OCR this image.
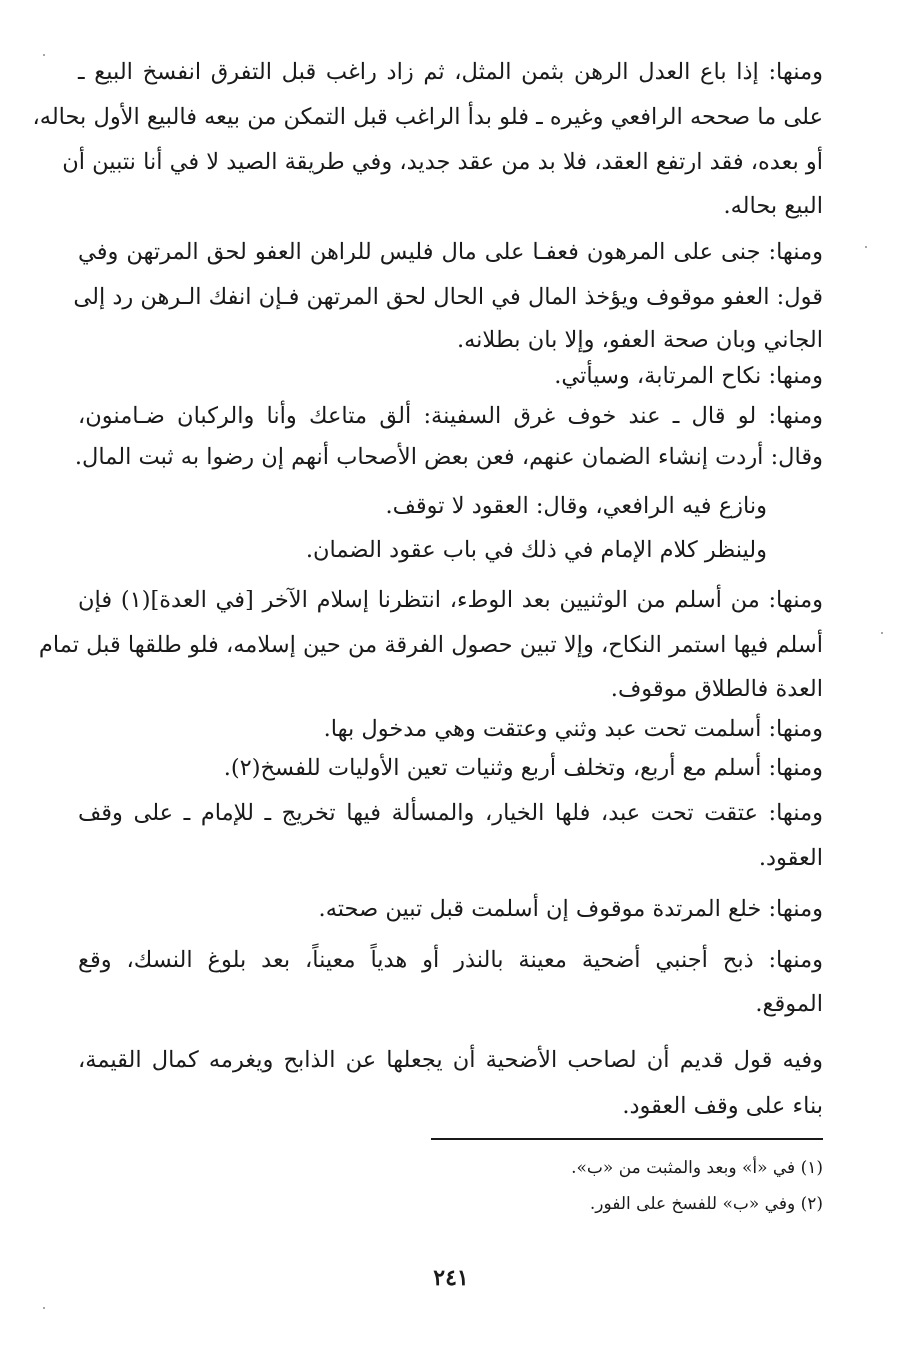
ومنها: إذا باع العدل الرهن بثمن المثل، ثم زاد راغب قبل التفرق انفسخ البيع ـ
على ما صححه الرافعي وغيره ـ فلو بدأ الراغب قبل التمكن من بيعه فالبيع الأول بحاله،
أو بعده، فقد ارتفع العقد، فلا بد من عقد جديد، وفي طريقة الصيد لا في أنا نتبين أن
البيع بحاله.
ومنها: جنى على المرهون فعفـا على مال فليس للراهن العفو لحق المرتهن وفي
قول: العفو موقوف ويؤخذ المال في الحال لحق المرتهن فـإن انفك الـرهن رد إلى
الجاني وبان صحة العفو، وإلا بان بطلانه.
ومنها: نكاح المرتابة، وسيأتي.
ومنها: لو قال ـ عند خوف غرق السفينة: ألق متاعك وأنا والركبان ضـامنون،
وقال: أردت إنشاء الضمان عنهم، فعن بعض الأصحاب أنهم إن رضوا به ثبت المال.
ونازع فيه الرافعي، وقال: العقود لا توقف.
ولينظر كلام الإمام في ذلك في باب عقود الضمان.
ومنها: من أسلم من الوثنيين بعد الوطء، انتظرنا إسلام الآخر [في العدة](١) فإن
أسلم فيها استمر النكاح، وإلا تبين حصول الفرقة من حين إسلامه، فلو طلقها قبل تمام
العدة فالطلاق موقوف.
ومنها: أسلمت تحت عبد وثني وعتقت وهي مدخول بها.
ومنها: أسلم مع أربع، وتخلف أربع وثنيات تعين الأوليات للفسخ(٢).
ومنها: عتقت تحت عبد، فلها الخيار، والمسألة فيها تخريج ـ للإمام ـ على وقف
العقود.
ومنها: خلع المرتدة موقوف إن أسلمت قبل تبين صحته.
ومنها: ذبح أجنبي أضحية معينة بالنذر أو هدياً معيناً، بعد بلوغ النسك، وقع
الموقع.
وفيه قول قديم أن لصاحب الأضحية أن يجعلها عن الذابح ويغرمه كمال القيمة،
بناء على وقف العقود.
(١) في «أ» وبعد والمثبت من «ب».
(٢) وفي «ب» للفسخ على الفور.
٢٤١
